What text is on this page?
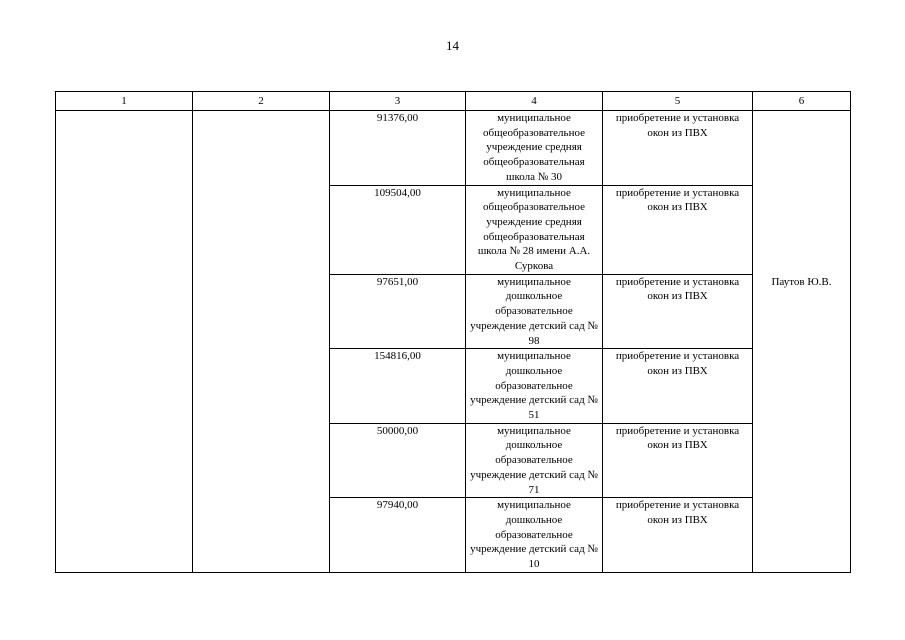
14
1	2	3	4	5	6
		91376,00	муниципальное общеобразовательное учреждение средняя общеобразовательная школа № 30	приобретение и установка окон из ПВХ	Паутов Ю.В.

		109504,00	муниципальное общеобразовательное учреждение средняя общеобразовательная школа № 28 имени А.А. Суркова	приобретение и установка окон из ПВХ	
		97651,00	муниципальное дошкольное образовательное учреждение детский сад № 98	приобретение и установка окон из ПВХ	
		154816,00	муниципальное дошкольное образовательное учреждение детский сад № 51	приобретение и установка окон из ПВХ	
		50000,00	муниципальное дошкольное образовательное учреждение детский сад № 71	приобретение и установка окон из ПВХ	
		97940,00	муниципальное дошкольное образовательное учреждение детский сад № 10	приобретение и установка окон из ПВХ	
